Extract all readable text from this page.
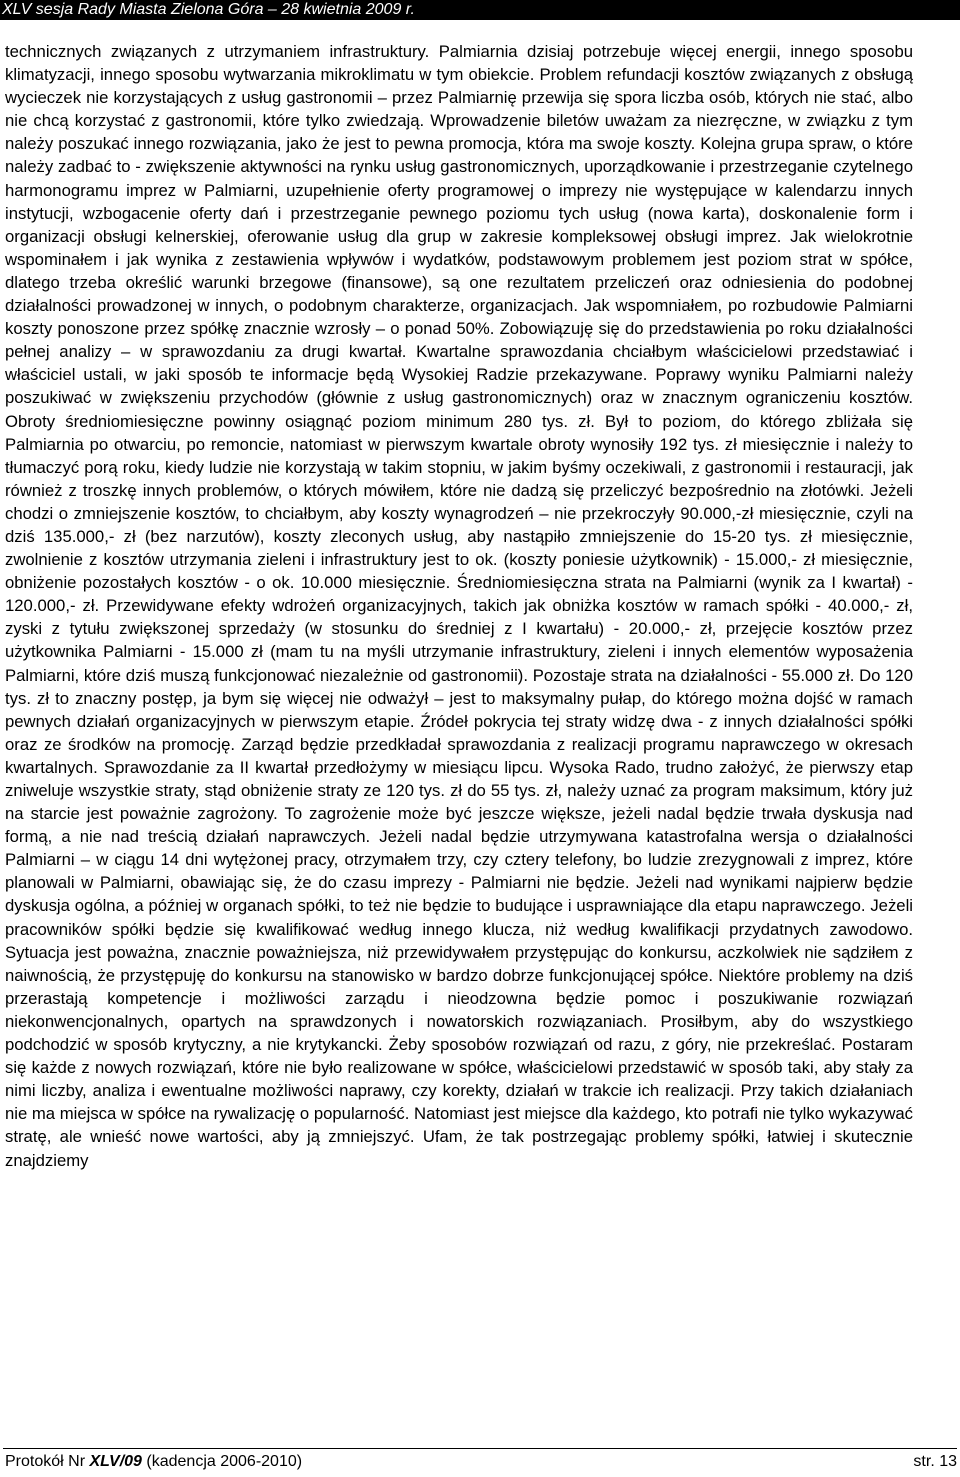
XLV sesja Rady Miasta Zielona Góra – 28 kwietnia 2009 r.

technicznych związanych z utrzymaniem infrastruktury. Palmiarnia dzisiaj potrzebuje więcej energii, innego sposobu klimatyzacji, innego sposobu wytwarzania mikroklimatu w tym obiekcie. Problem refundacji kosztów związanych z obsługą wycieczek nie korzystających z usług gastronomii – przez Palmiarnię przewija się spora liczba osób, których nie stać, albo nie chcą korzystać z gastronomii, które tylko zwiedzają. Wprowadzenie biletów uważam za niezręczne, w związku z tym należy poszukać innego rozwiązania, jako że jest to pewna promocja, która ma swoje koszty. Kolejna grupa spraw, o które należy zadbać to - zwiększenie aktywności na rynku usług gastronomicznych, uporządkowanie i przestrzeganie czytelnego harmonogramu imprez w Palmiarni, uzupełnienie oferty programowej o imprezy nie występujące w kalendarzu innych instytucji, wzbogacenie oferty dań i przestrzeganie pewnego poziomu tych usług (nowa karta), doskonalenie form i organizacji obsługi kelnerskiej, oferowanie usług dla grup w zakresie kompleksowej obsługi imprez. Jak wielokrotnie wspominałem i jak wynika z zestawienia wpływów i wydatków, podstawowym problemem jest poziom strat w spółce, dlatego trzeba określić warunki brzegowe (finansowe), są one rezultatem przeliczeń oraz odniesienia do podobnej działalności prowadzonej w innych, o podobnym charakterze, organizacjach. Jak wspomniałem, po rozbudowie Palmiarni koszty ponoszone przez spółkę znacznie wzrosły – o ponad 50%. Zobowiązuję się do przedstawienia po roku działalności pełnej analizy – w sprawozdaniu za drugi kwartał. Kwartalne sprawozdania chciałbym właścicielowi przedstawiać i właściciel ustali, w jaki sposób te informacje będą Wysokiej Radzie przekazywane. Poprawy wyniku Palmiarni należy poszukiwać w zwiększeniu przychodów (głównie z usług gastronomicznych) oraz w znacznym ograniczeniu kosztów. Obroty średniomiesięczne powinny osiągnąć poziom minimum 280 tys. zł. Był to poziom, do którego zbliżała się Palmiarnia po otwarciu, po remoncie, natomiast w pierwszym kwartale obroty wynosiły 192 tys. zł miesięcznie i należy to tłumaczyć porą roku, kiedy ludzie nie korzystają w takim stopniu, w jakim byśmy oczekiwali, z gastronomii i restauracji, jak również z troszkę innych problemów, o których mówiłem, które nie dadzą się przeliczyć bezpośrednio na złotówki. Jeżeli chodzi o zmniejszenie kosztów, to chciałbym, aby koszty wynagrodzeń – nie przekroczyły 90.000,-zł miesięcznie, czyli na dziś 135.000,- zł (bez narzutów), koszty zleconych usług, aby nastąpiło zmniejszenie do 15-20 tys. zł miesięcznie, zwolnienie z kosztów utrzymania zieleni i infrastruktury jest to ok. (koszty poniesie użytkownik) - 15.000,- zł miesięcznie, obniżenie pozostałych kosztów - o ok. 10.000 miesięcznie. Średniomiesięczna strata na Palmiarni (wynik za I kwartał) - 120.000,- zł. Przewidywane efekty wdrożeń organizacyjnych, takich jak obniżka kosztów w ramach spółki - 40.000,- zł, zyski z tytułu zwiększonej sprzedaży (w stosunku do średniej z I kwartału) - 20.000,- zł, przejęcie kosztów przez użytkownika Palmiarni - 15.000 zł (mam tu na myśli utrzymanie infrastruktury, zieleni i innych elementów wyposażenia Palmiarni, które dziś muszą funkcjonować niezależnie od gastronomii). Pozostaje strata na działalności - 55.000 zł. Do 120 tys. zł to znaczny postęp, ja bym się więcej nie odważył – jest to maksymalny pułap, do którego można dojść w ramach pewnych działań organizacyjnych w pierwszym etapie. Źródeł pokrycia tej straty widzę dwa - z innych działalności spółki oraz ze środków na promocję. Zarząd będzie przedkładał sprawozdania z realizacji programu naprawczego w okresach kwartalnych. Sprawozdanie za II kwartał przedłożymy w miesiącu lipcu. Wysoka Rado, trudno założyć, że pierwszy etap zniweluje wszystkie straty, stąd obniżenie straty ze 120 tys. zł do 55 tys. zł, należy uznać za program maksimum, który już na starcie jest poważnie zagrożony. To zagrożenie może być jeszcze większe, jeżeli nadal będzie trwała dyskusja nad formą, a nie nad treścią działań naprawczych. Jeżeli nadal będzie utrzymywana katastrofalna wersja o działalności Palmiarni – w ciągu 14 dni wytężonej pracy, otrzymałem trzy, czy cztery telefony, bo ludzie zrezygnowali z imprez, które planowali w Palmiarni, obawiając się, że do czasu imprezy - Palmiarni nie będzie. Jeżeli nad wynikami najpierw będzie dyskusja ogólna, a później w organach spółki, to też nie będzie to budujące i usprawniające dla etapu naprawczego. Jeżeli pracowników spółki będzie się kwalifikować według innego klucza, niż według kwalifikacji przydatnych zawodowo. Sytuacja jest poważna, znacznie poważniejsza, niż przewidywałem przystępując do konkursu, aczkolwiek nie sądziłem z naiwnością, że przystępuję do konkursu na stanowisko w bardzo dobrze funkcjonującej spółce. Niektóre problemy na dziś przerastają kompetencje i możliwości zarządu i nieodzowna będzie pomoc i poszukiwanie rozwiązań niekonwencjonalnych, opartych na sprawdzonych i nowatorskich rozwiązaniach. Prosiłbym, aby do wszystkiego podchodzić w sposób krytyczny, a nie krytykancki. Żeby sposobów rozwiązań od razu, z góry, nie przekreślać. Postaram się każde z nowych rozwiązań, które nie było realizowane w spółce, właścicielowi przedstawić w sposób taki, aby stały za nimi liczby, analiza i ewentualne możliwości naprawy, czy korekty, działań w trakcie ich realizacji. Przy takich działaniach nie ma miejsca w spółce na rywalizację o popularność. Natomiast jest miejsce dla każdego, kto potrafi nie tylko wykazywać stratę, ale wnieść nowe wartości, aby ją zmniejszyć. Ufam, że tak postrzegając problemy spółki, łatwiej i skutecznie znajdziemy

Protokół Nr XLV/09 (kadencja 2006-2010)	str. 13
